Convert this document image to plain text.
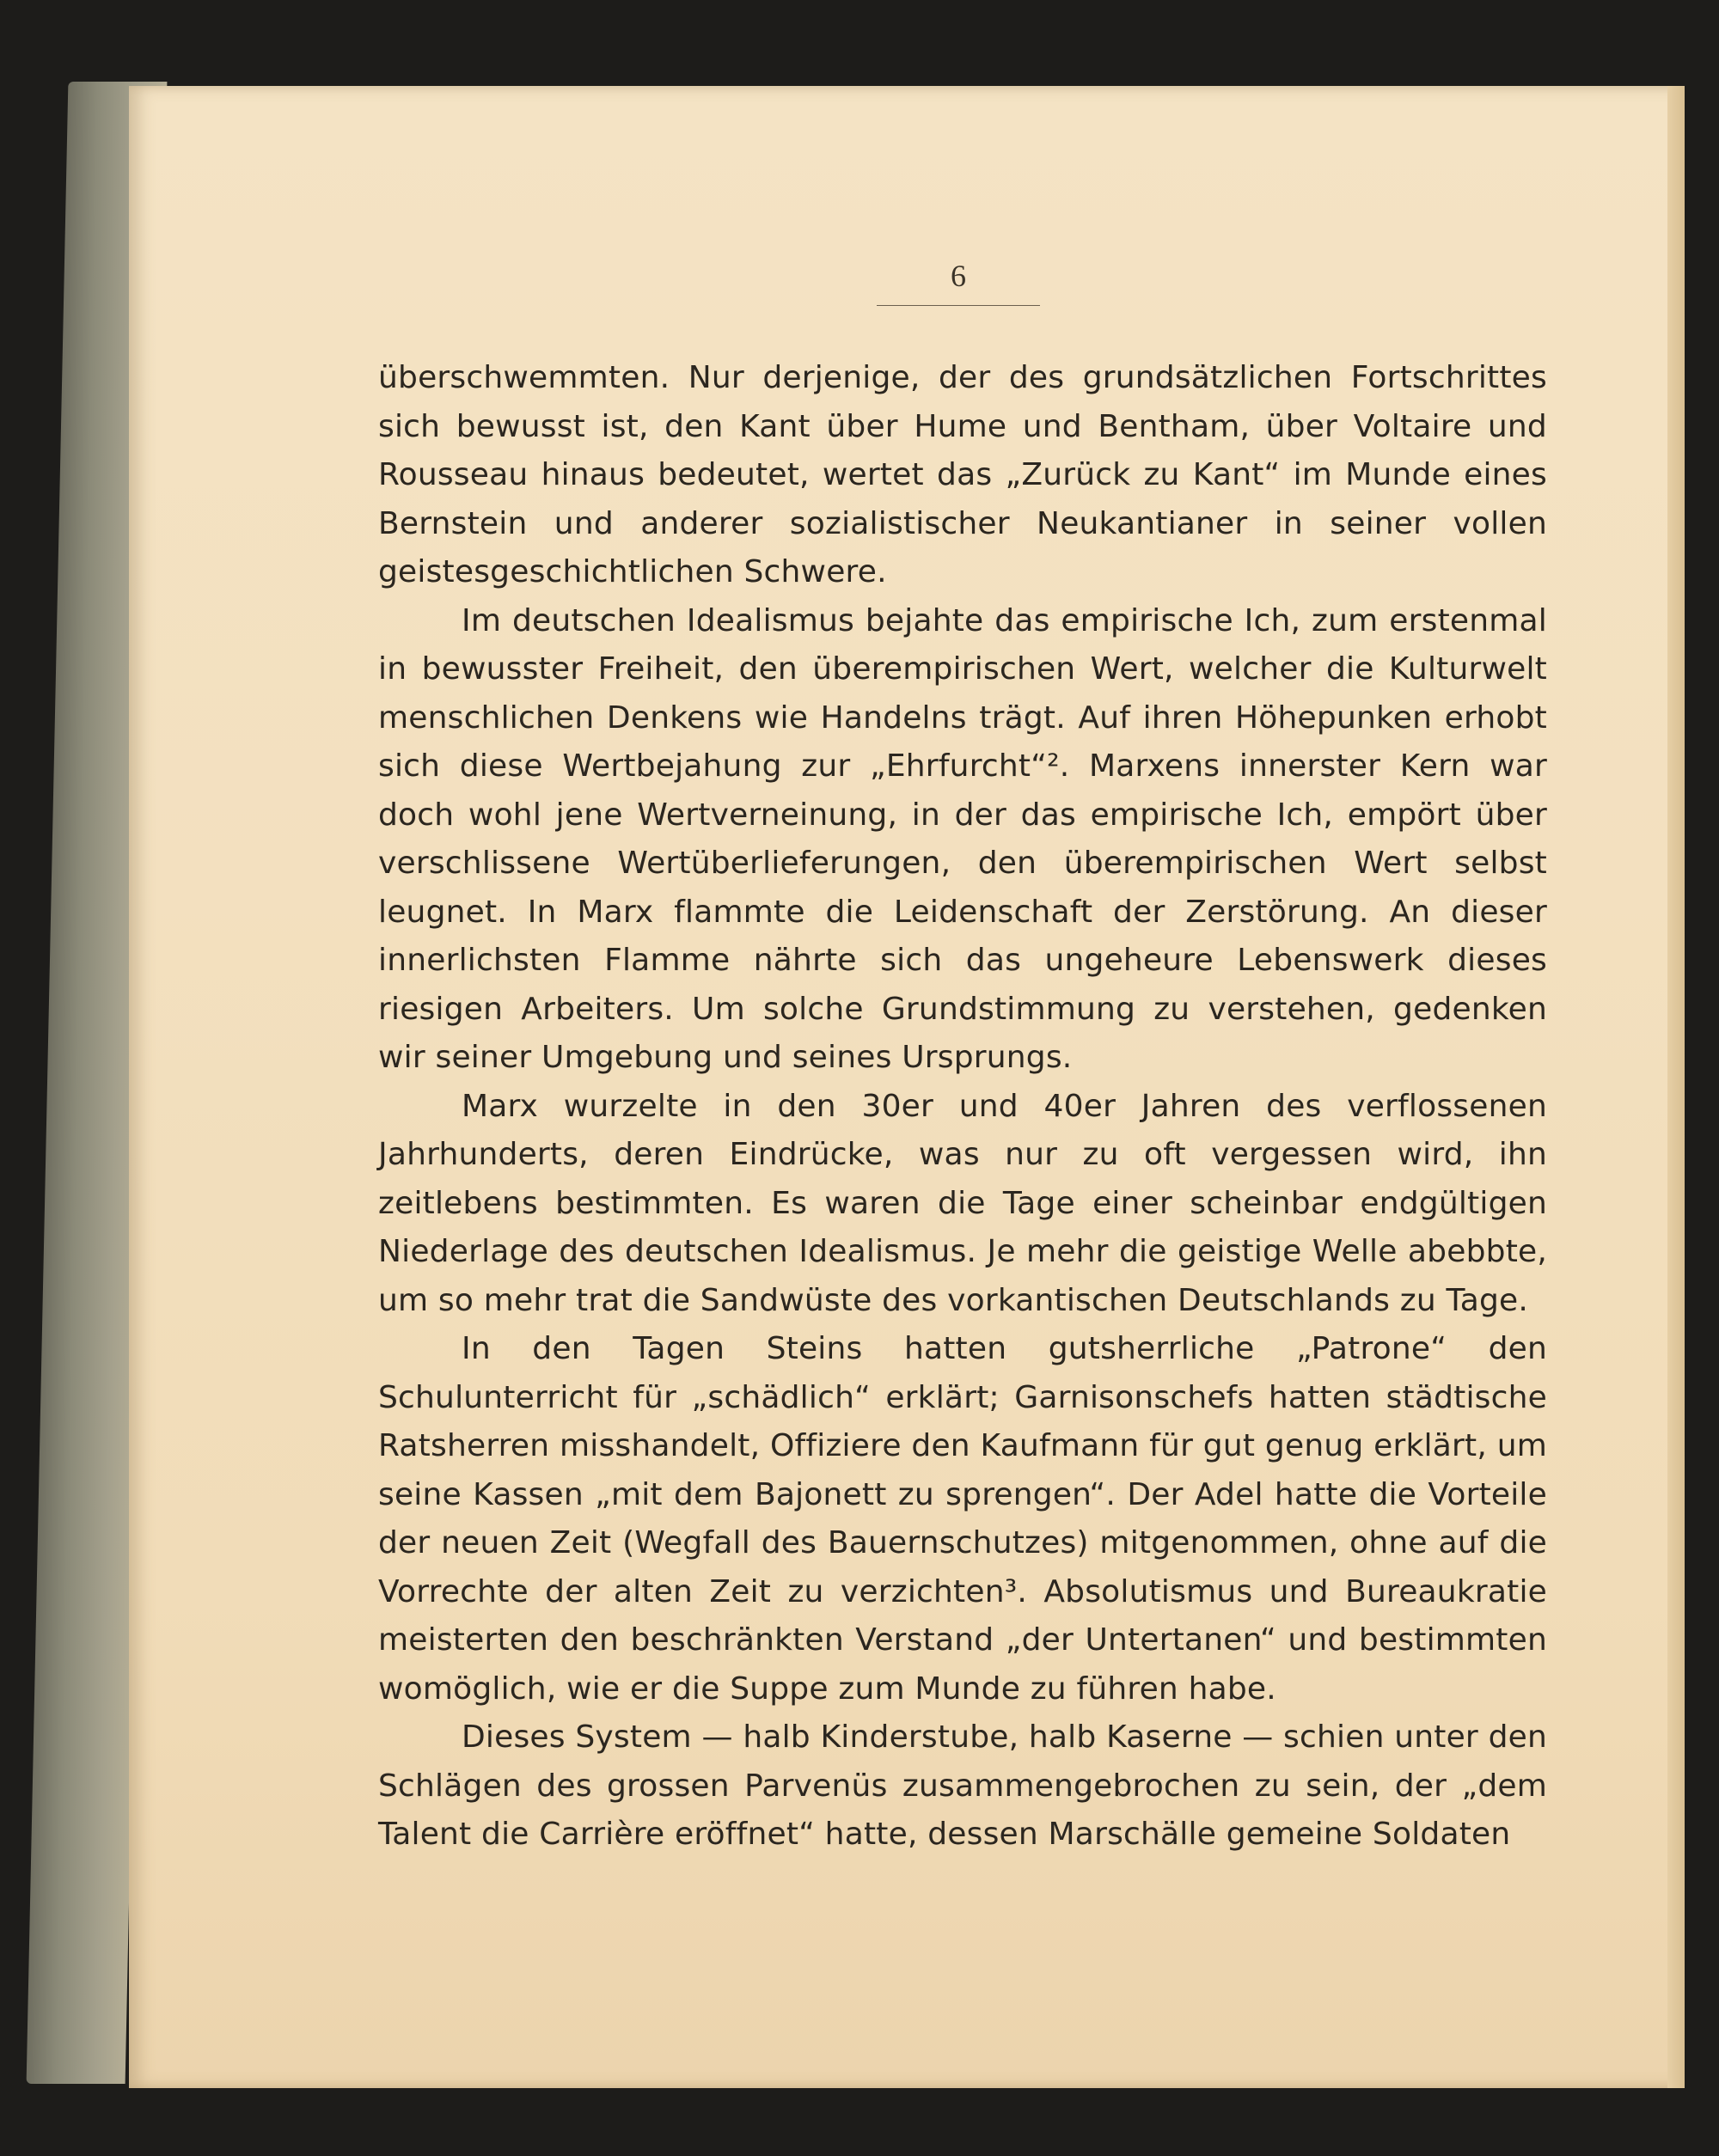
6

überschwemmten. Nur derjenige, der des grundsätzlichen Fortschrittes sich bewusst ist, den Kant über Hume und Bentham, über Voltaire und Rousseau hinaus bedeutet, wertet das „Zurück zu Kant“ im Munde eines Bernstein und anderer sozialistischer Neukantianer in seiner vollen geistesgeschichtlichen Schwere.

Im deutschen Idealismus bejahte das empirische Ich, zum erstenmal in bewusster Freiheit, den überempirischen Wert, welcher die Kulturwelt menschlichen Denkens wie Handelns trägt. Auf ihren Höhepunken erhobt sich diese Wertbejahung zur „Ehrfurcht“². Marxens innerster Kern war doch wohl jene Wertverneinung, in der das empirische Ich, empört über verschlissene Wertüberlieferungen, den überempirischen Wert selbst leugnet. In Marx flammte die Leidenschaft der Zerstörung. An dieser innerlichsten Flamme nährte sich das ungeheure Lebenswerk dieses riesigen Arbeiters. Um solche Grundstimmung zu verstehen, gedenken wir seiner Umgebung und seines Ursprungs.

Marx wurzelte in den 30er und 40er Jahren des verflossenen Jahrhunderts, deren Eindrücke, was nur zu oft vergessen wird, ihn zeitlebens bestimmten. Es waren die Tage einer scheinbar endgültigen Niederlage des deutschen Idealismus. Je mehr die geistige Welle abebbte, um so mehr trat die Sandwüste des vorkantischen Deutschlands zu Tage.

In den Tagen Steins hatten gutsherrliche „Patrone“ den Schulunterricht für „schädlich“ erklärt; Garnisonschefs hatten städtische Ratsherren misshandelt, Offiziere den Kaufmann für gut genug erklärt, um seine Kassen „mit dem Bajonett zu sprengen“. Der Adel hatte die Vorteile der neuen Zeit (Wegfall des Bauernschutzes) mitgenommen, ohne auf die Vorrechte der alten Zeit zu verzichten³. Absolutismus und Bureaukratie meisterten den beschränkten Verstand „der Untertanen“ und bestimmten womöglich, wie er die Suppe zum Munde zu führen habe.

Dieses System — halb Kinderstube, halb Kaserne — schien unter den Schlägen des grossen Parvenüs zusammengebrochen zu sein, der „dem Talent die Carrière eröffnet“ hatte, dessen Marschälle gemeine Soldaten
